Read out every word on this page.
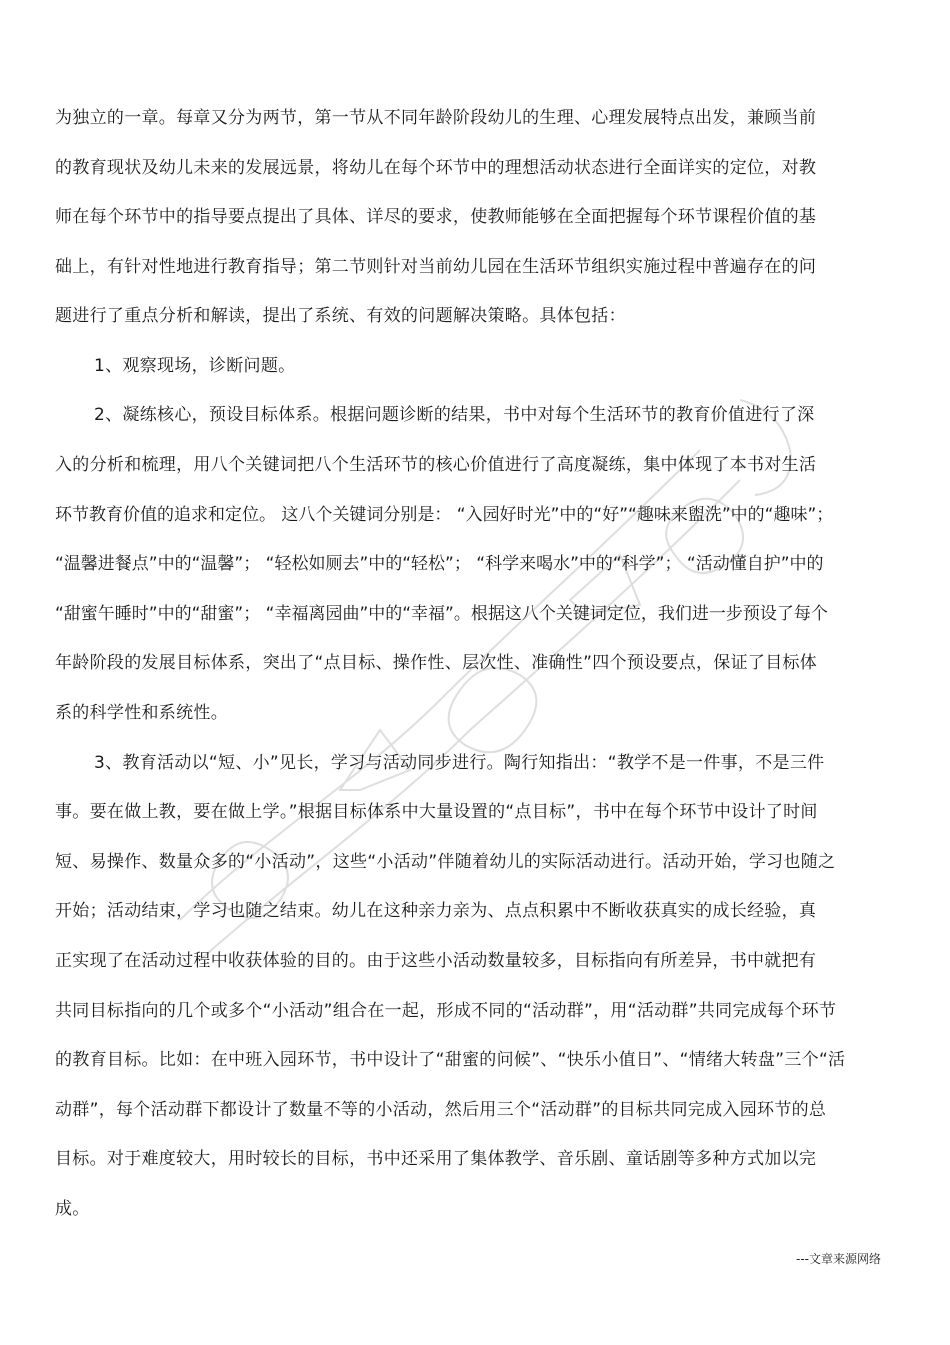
为独立的一章。每章又分为两节，第一节从不同年龄阶段幼儿的生理、心理发展特点出发，兼顾当前
的教育现状及幼儿未来的发展远景，将幼儿在每个环节中的理想活动状态进行全面详实的定位，对教
师在每个环节中的指导要点提出了具体、详尽的要求，使教师能够在全面把握每个环节课程价值的基
础上，有针对性地进行教育指导；第二节则针对当前幼儿园在生活环节组织实施过程中普遍存在的问
题进行了重点分析和解读，提出了系统、有效的问题解决策略。具体包括：
1、观察现场，诊断问题。
2、凝练核心，预设目标体系。根据问题诊断的结果，书中对每个生活环节的教育价值进行了深
入的分析和梳理，用八个关键词把八个生活环节的核心价值进行了高度凝练，集中体现了本书对生活
环节教育价值的追求和定位。 这八个关键词分别是： “入园好时光”中的“好”“趣味来盥洗”中的“趣味”；
“温馨进餐点”中的“温馨”； “轻松如厕去”中的“轻松”； “科学来喝水”中的“科学”； “活动懂自护”中的
“甜蜜午睡时”中的“甜蜜”； “幸福离园曲”中的“幸福”。根据这八个关键词定位，我们进一步预设了每个
年龄阶段的发展目标体系，突出了“点目标、操作性、层次性、准确性”四个预设要点，保证了目标体
系的科学性和系统性。
3、教育活动以“短、小”见长，学习与活动同步进行。陶行知指出：“教学不是一件事，不是三件
事。要在做上教，要在做上学。”根据目标体系中大量设置的“点目标”，书中在每个环节中设计了时间
短、易操作、数量众多的“小活动”，这些“小活动”伴随着幼儿的实际活动进行。活动开始，学习也随之
开始；活动结束，学习也随之结束。幼儿在这种亲力亲为、点点积累中不断收获真实的成长经验，真
正实现了在活动过程中收获体验的目的。由于这些小活动数量较多，目标指向有所差异，书中就把有
共同目标指向的几个或多个“小活动”组合在一起，形成不同的“活动群”，用“活动群”共同完成每个环节
的教育目标。比如：在中班入园环节，书中设计了“甜蜜的问候”、“快乐小值日”、“情绪大转盘”三个“活
动群”，每个活动群下都设计了数量不等的小活动，然后用三个“活动群”的目标共同完成入园环节的总
目标。对于难度较大，用时较长的目标，书中还采用了集体教学、音乐剧、童话剧等多种方式加以完
成。
---文章来源网络
